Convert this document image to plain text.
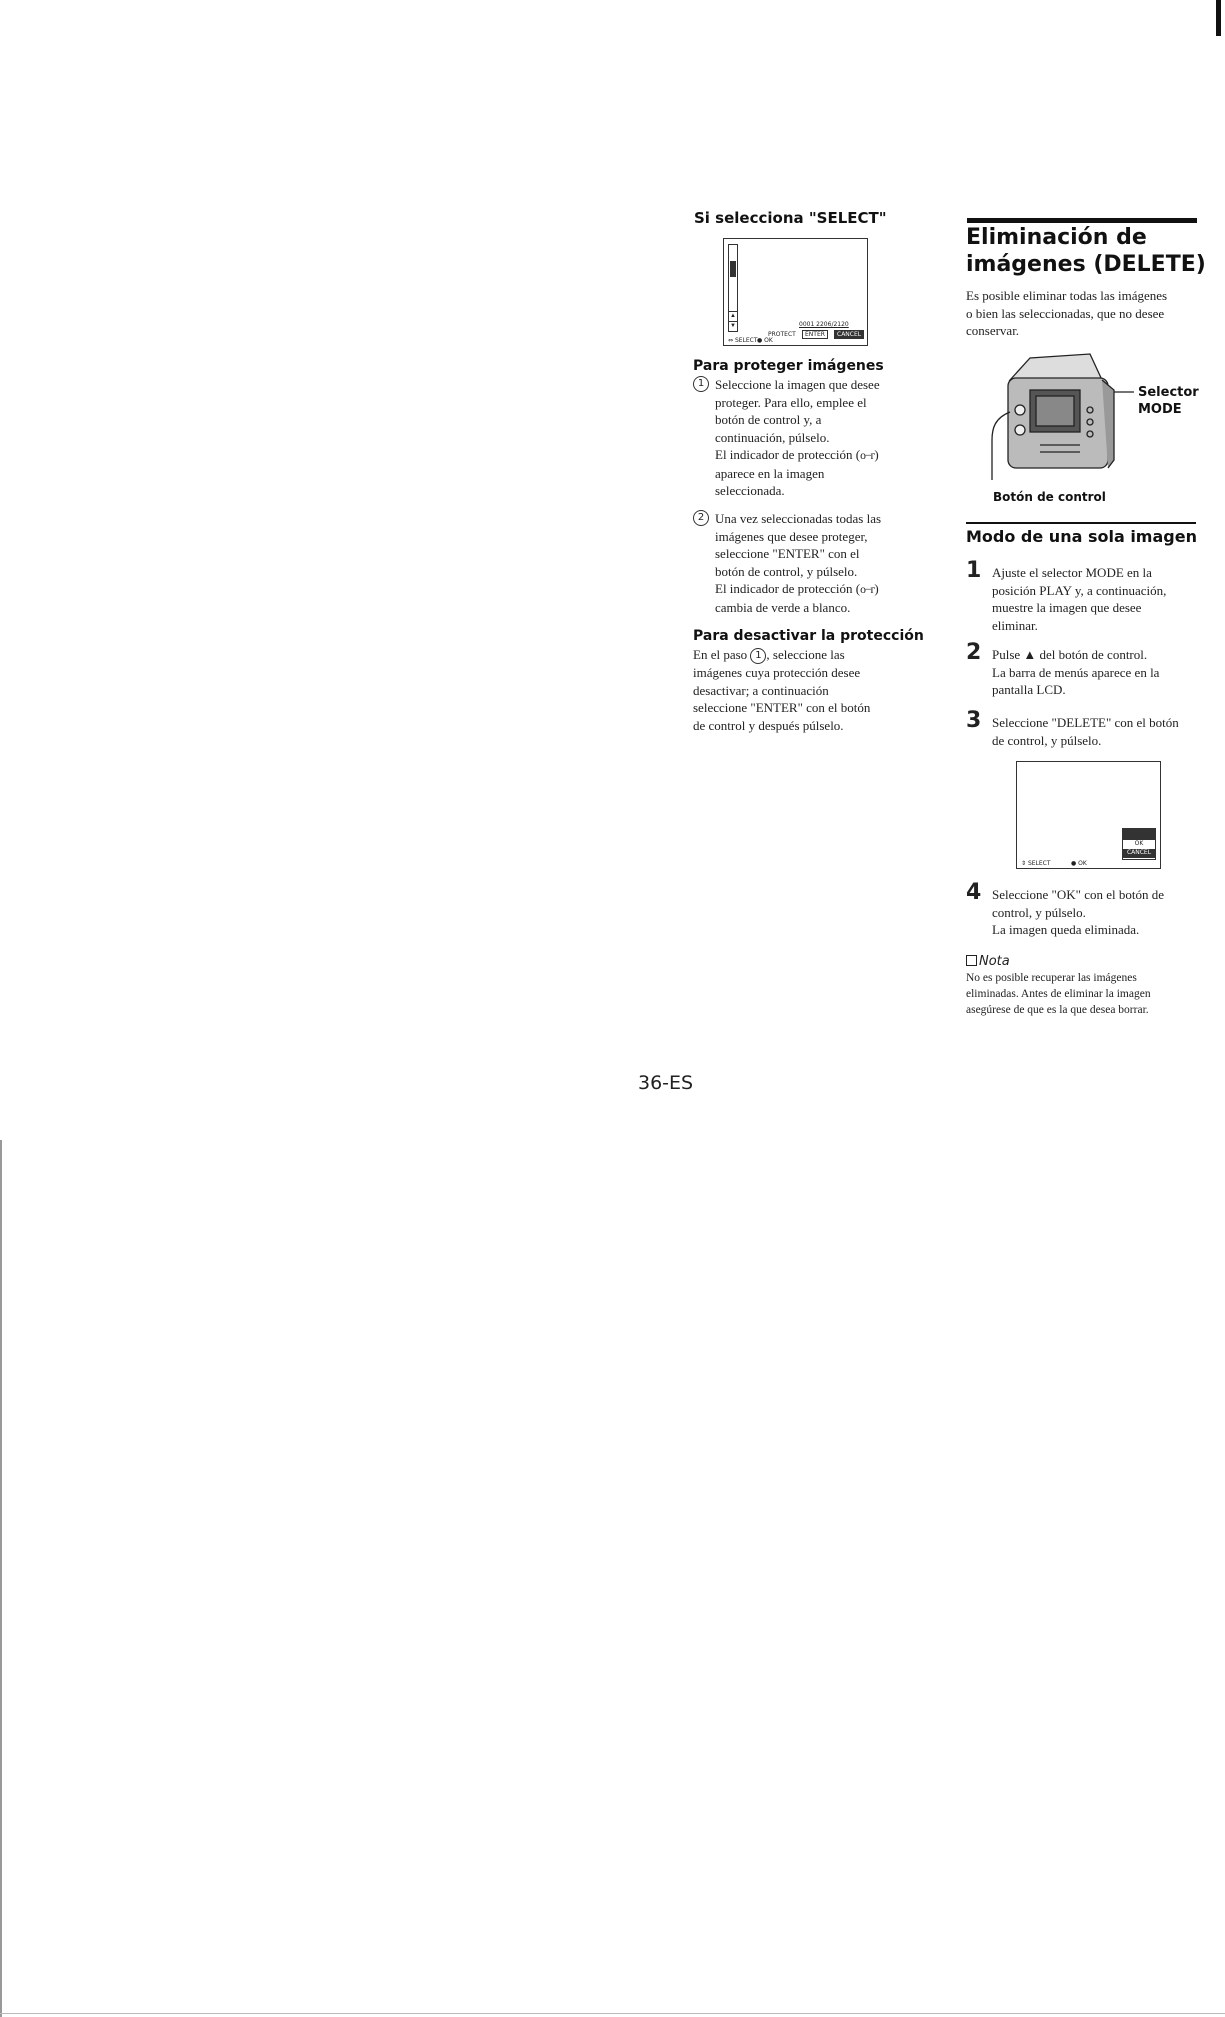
Si selecciona "SELECT"
▲
▼	0001 2206/2120
PROTECT	ENTER	CANCEL
⇔ SELECT ● OK
Para proteger imágenes
1 Seleccione la imagen que desee
proteger. Para ello, emplee el
botón de control y, a
continuación, púlselo.
El indicador de protección (o−ᴦ)
aparece en la imagen
seleccionada.
2 Una vez seleccionadas todas las
imágenes que desee proteger,
seleccione "ENTER" con el
botón de control, y púlselo.
El indicador de protección (o−ᴦ)
cambia de verde a blanco.
Para desactivar la protección
En el paso 1 , seleccione las
imágenes cuya protección desee
desactivar; a continuación
seleccione "ENTER" con el botón
de control y después púlselo.
Eliminación de
imágenes (DELETE)
Es posible eliminar todas las imágenes
o bien las seleccionadas, que no desee
conservar.
Selector
MODE
Botón de control
Modo de una sola imagen
1 Ajuste el selector MODE en la
posición PLAY y, a continuación,
muestre la imagen que desee
eliminar.
2 Pulse ▲ del botón de control.
La barra de menús aparece en la
pantalla LCD.
3 Seleccione "DELETE" con el botón
de control, y púlselo.
OK
CANCEL
⇕ SELECT	● OK
4 Seleccione "OK" con el botón de
control, y púlselo.
La imagen queda eliminada.
Nota
No es posible recuperar las imágenes
eliminadas. Antes de eliminar la imagen
asegúrese de que es la que desea borrar.
36-ES
